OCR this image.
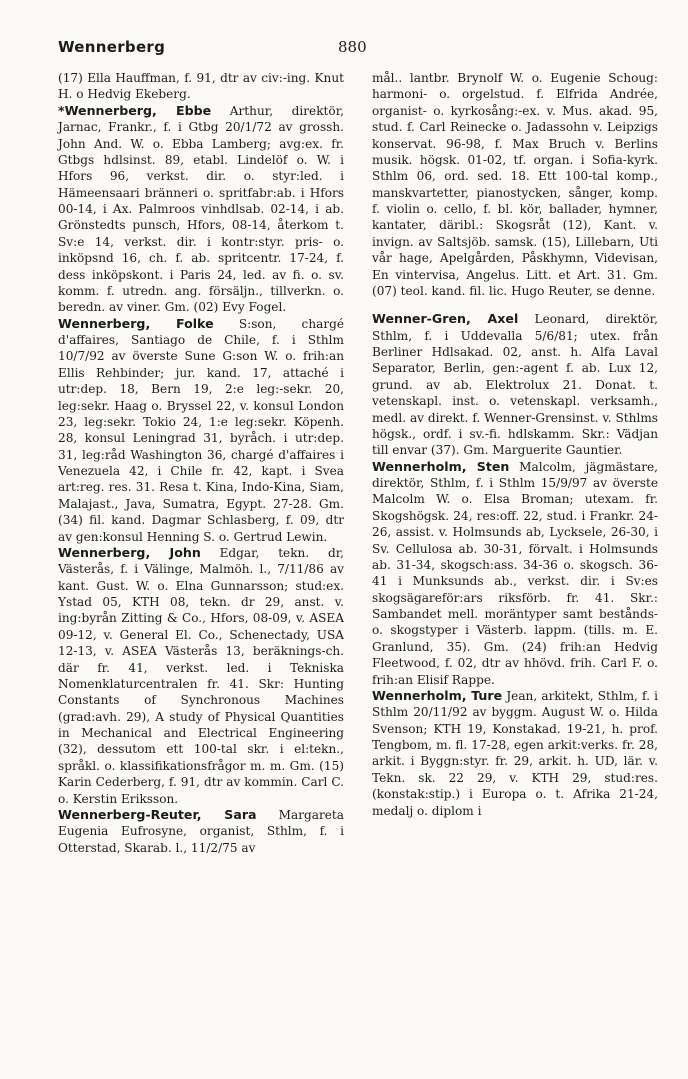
Wennerberg	880

(17) Ella Hauffman, f. 91, dtr av civ:-ing. Knut H. o Hedvig Ekeberg.

*Wennerberg, Ebbe Arthur, direktör, Jarnac, Frankr., f. i Gtbg 20/1/72 av grossh. John And. W. o. Ebba Lamberg; avg:ex. fr. Gtbgs hdlsinst. 89, etabl. Lindelöf o. W. i Hfors 96, verkst. dir. o. styr:led. i Hämeensaari bränneri o. spritfabr:ab. i Hfors 00-14, i Ax. Palmroos vinhdlsab. 02-14, i ab. Grönstedts punsch, Hfors, 08-14, återkom t. Sv:e 14, verkst. dir. i kontr:styr. pris- o. inköpsnd 16, ch. f. ab. spritcentr. 17-24, f. dess inköpskont. i Paris 24, led. av fi. o. sv. komm. f. utredn. ang. försäljn., tillverkn. o. beredn. av viner. Gm. (02) Evy Fogel.

Wennerberg, Folke S:son, chargé d'affaires, Santiago de Chile, f. i Sthlm 10/7/92 av överste Sune G:son W. o. frih:an Ellis Rehbinder; jur. kand. 17, attaché i utr:dep. 18, Bern 19, 2:e leg:-sekr. 20, leg:sekr. Haag o. Bryssel 22, v. konsul London 23, leg:sekr. Tokio 24, 1:e leg:sekr. Köpenh. 28, konsul Leningrad 31, byråch. i utr:dep. 31, leg:råd Washington 36, chargé d'affaires i Venezuela 42, i Chile fr. 42, kapt. i Svea art:reg. res. 31. Resa t. Kina, Indo-Kina, Siam, Malajast., Java, Sumatra, Egypt. 27-28. Gm. (34) fil. kand. Dagmar Schlasberg, f. 09, dtr av gen:konsul Henning S. o. Gertrud Lewin.

Wennerberg, John Edgar, tekn. dr, Västerås, f. i Välinge, Malmöh. l., 7/11/86 av kant. Gust. W. o. Elna Gunnarsson; stud:ex. Ystad 05, KTH 08, tekn. dr 29, anst. v. ing:byrån Zitting & Co., Hfors, 08-09, v. ASEA 09-12, v. General El. Co., Schenectady, USA 12-13, v. ASEA Västerås 13, beräknings-ch. där fr. 41, verkst. led. i Tekniska Nomenklaturcentralen fr. 41. Skr: Hunting Constants of Synchronous Machines (grad:avh. 29), A study of Physical Quantities in Mechanical and Electrical Engineering (32), dessutom ett 100-tal skr. i el:tekn., språkl. o. klassifikationsfrågor m. m. Gm. (15) Karin Cederberg, f. 91, dtr av kommin. Carl C. o. Kerstin Eriksson.

Wennerberg-Reuter, Sara Margareta Eugenia Eufrosyne, organist, Sthlm, f. i Otterstad, Skarab. l., 11/2/75 av

mål.. lantbr. Brynolf W. o. Eugenie Schoug: harmoni- o. orgelstud. f. Elfrida Andrée, organist- o. kyrkosång:-ex. v. Mus. akad. 95, stud. f. Carl Reinecke o. Jadassohn v. Leipzigs konservat. 96-98, f. Max Bruch v. Berlins musik. högsk. 01-02, tf. organ. i Sofia-kyrk. Sthlm 06, ord. sed. 18. Ett 100-tal komp., manskvartetter, pianostycken, sånger, komp. f. violin o. cello, f. bl. kör, ballader, hymner, kantater, däribl.: Skogsråt (12), Kant. v. invign. av Saltsjöb. samsk. (15), Lillebarn, Uti vår hage, Apelgården, Påskhymn, Videvisan, En vintervisa, Angelus. Litt. et Art. 31. Gm. (07) teol. kand. fil. lic. Hugo Reuter, se denne.

Wenner-Gren, Axel Leonard, direktör, Sthlm, f. i Uddevalla 5/6/81; utex. från Berliner Hdlsakad. 02, anst. h. Alfa Laval Separator, Berlin, gen:-agent f. ab. Lux 12, grund. av ab. Elektrolux 21. Donat. t. vetenskapl. inst. o. vetenskapl. verksamh., medl. av direkt. f. Wenner-Grensinst. v. Sthlms högsk., ordf. i sv.-fi. hdlskamm. Skr.: Vädjan till envar (37). Gm. Marguerite Gauntier.

Wennerholm, Sten Malcolm, jägmästare, direktör, Sthlm, f. i Sthlm 15/9/97 av överste Malcolm W. o. Elsa Broman; utexam. fr. Skogshögsk. 24, res:off. 22, stud. i Frankr. 24-26, assist. v. Holmsunds ab, Lycksele, 26-30, i Sv. Cellulosa ab. 30-31, förvalt. i Holmsunds ab. 31-34, skogsch:ass. 34-36 o. skogsch. 36-41 i Munksunds ab., verkst. dir. i Sv:es skogsägareför:ars riksförb. fr. 41. Skr.: Sambandet mell. moräntyper samt bestånds- o. skogstyper i Västerb. lappm. (tills. m. E. Granlund, 35). Gm. (24) frih:an Hedvig Fleetwood, f. 02, dtr av hhövd. frih. Carl F. o. frih:an Elisif Rappe.

Wennerholm, Ture Jean, arkitekt, Sthlm, f. i Sthlm 20/11/92 av byggm. August W. o. Hilda Svenson; KTH 19, Konstakad. 19-21, h. prof. Tengbom, m. fl. 17-28, egen arkit:verks. fr. 28, arkit. i Byggn:styr. fr. 29, arkit. h. UD, lär. v. Tekn. sk. 22 29, v. KTH 29, stud:res. (konstak:stip.) i Europa o. t. Afrika 21-24, medalj o. diplom i
